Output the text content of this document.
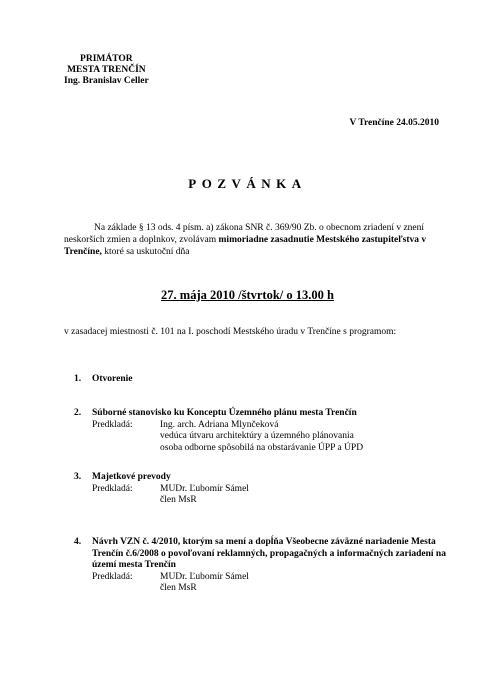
PRIMÁTOR
MESTA TRENČÍN
Ing. Branislav Celler
V Trenčíne 24.05.2010
POZVÁNKA
Na základe § 13 ods. 4 písm. a) zákona SNR č. 369/90 Zb. o obecnom zriadení v znení neskorších zmien a doplnkov, zvolávam mimoriadne zasadnutie Mestského zastupiteľstva v Trenčíne, ktoré sa uskutoční dňa
27. mája 2010 /štvrtok/ o 13.00 h
v zasadacej miestnosti č. 101 na I. poschodí Mestského úradu v Trenčíne s programom:
1. Otvorenie
2. Súborné stanovisko ku Konceptu Územného plánu mesta Trenčín
Predkladá:	Ing. arch. Adriana Mlynčeková
vedúca útvaru architektúry a územného plánovania
osoba odborne spôsobilá na obstarávanie ÚPP a ÚPD
3. Majetkové prevody
Predkladá:	MUDr. Ľubomír Sámel
člen MsR
4. Návrh VZN č. 4/2010, ktorým sa mení a dopĺňa Všeobecne záväzné nariadenie Mesta Trenčín č.6/2008 o povoľovaní reklamných, propagačných a informačných zariadení na území mesta Trenčín
Predkladá:	MUDr. Ľubomír Sámel
člen MsR
